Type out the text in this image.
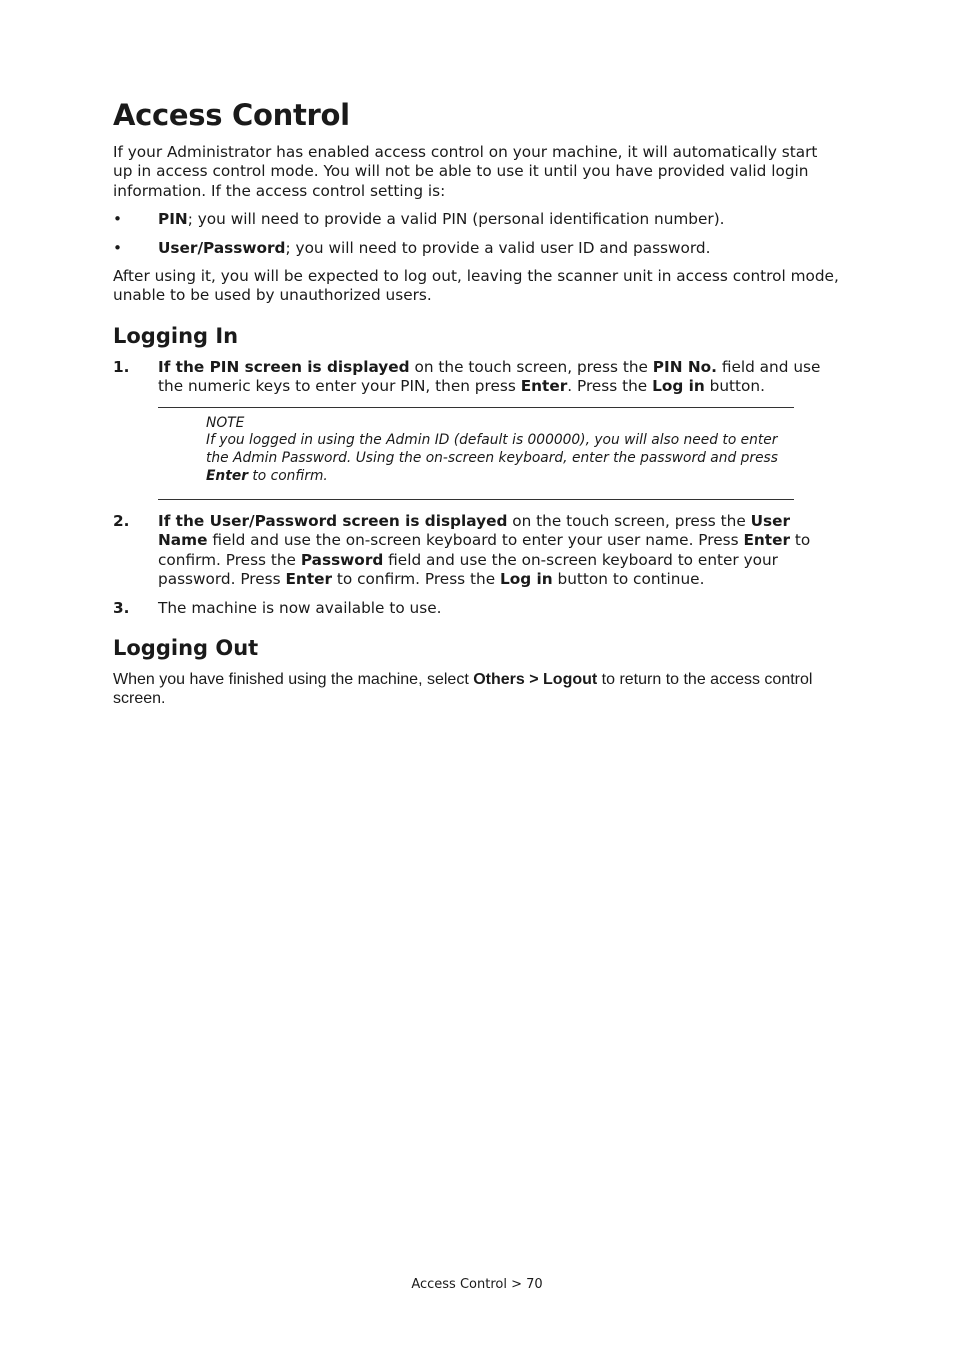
Access Control

If your Administrator has enabled access control on your machine, it will automatically start up in access control mode. You will not be able to use it until you have provided valid login information. If the access control setting is:

• PIN; you will need to provide a valid PIN (personal identification number).
• User/Password; you will need to provide a valid user ID and password.

After using it, you will be expected to log out, leaving the scanner unit in access control mode, unable to be used by unauthorized users.

Logging In
1. If the PIN screen is displayed on the touch screen, press the PIN No. field and use the numeric keys to enter your PIN, then press Enter. Press the Log in button.
NOTE
If you logged in using the Admin ID (default is 000000), you will also need to enter the Admin Password. Using the on-screen keyboard, enter the password and press Enter to confirm.
2. If the User/Password screen is displayed on the touch screen, press the User Name field and use the on-screen keyboard to enter your user name. Press Enter to confirm. Press the Password field and use the on-screen keyboard to enter your password. Press Enter to confirm. Press the Log in button to continue.
3. The machine is now available to use.
Logging Out

When you have finished using the machine, select Others > Logout to return to the access control screen.

Access Control > 70
